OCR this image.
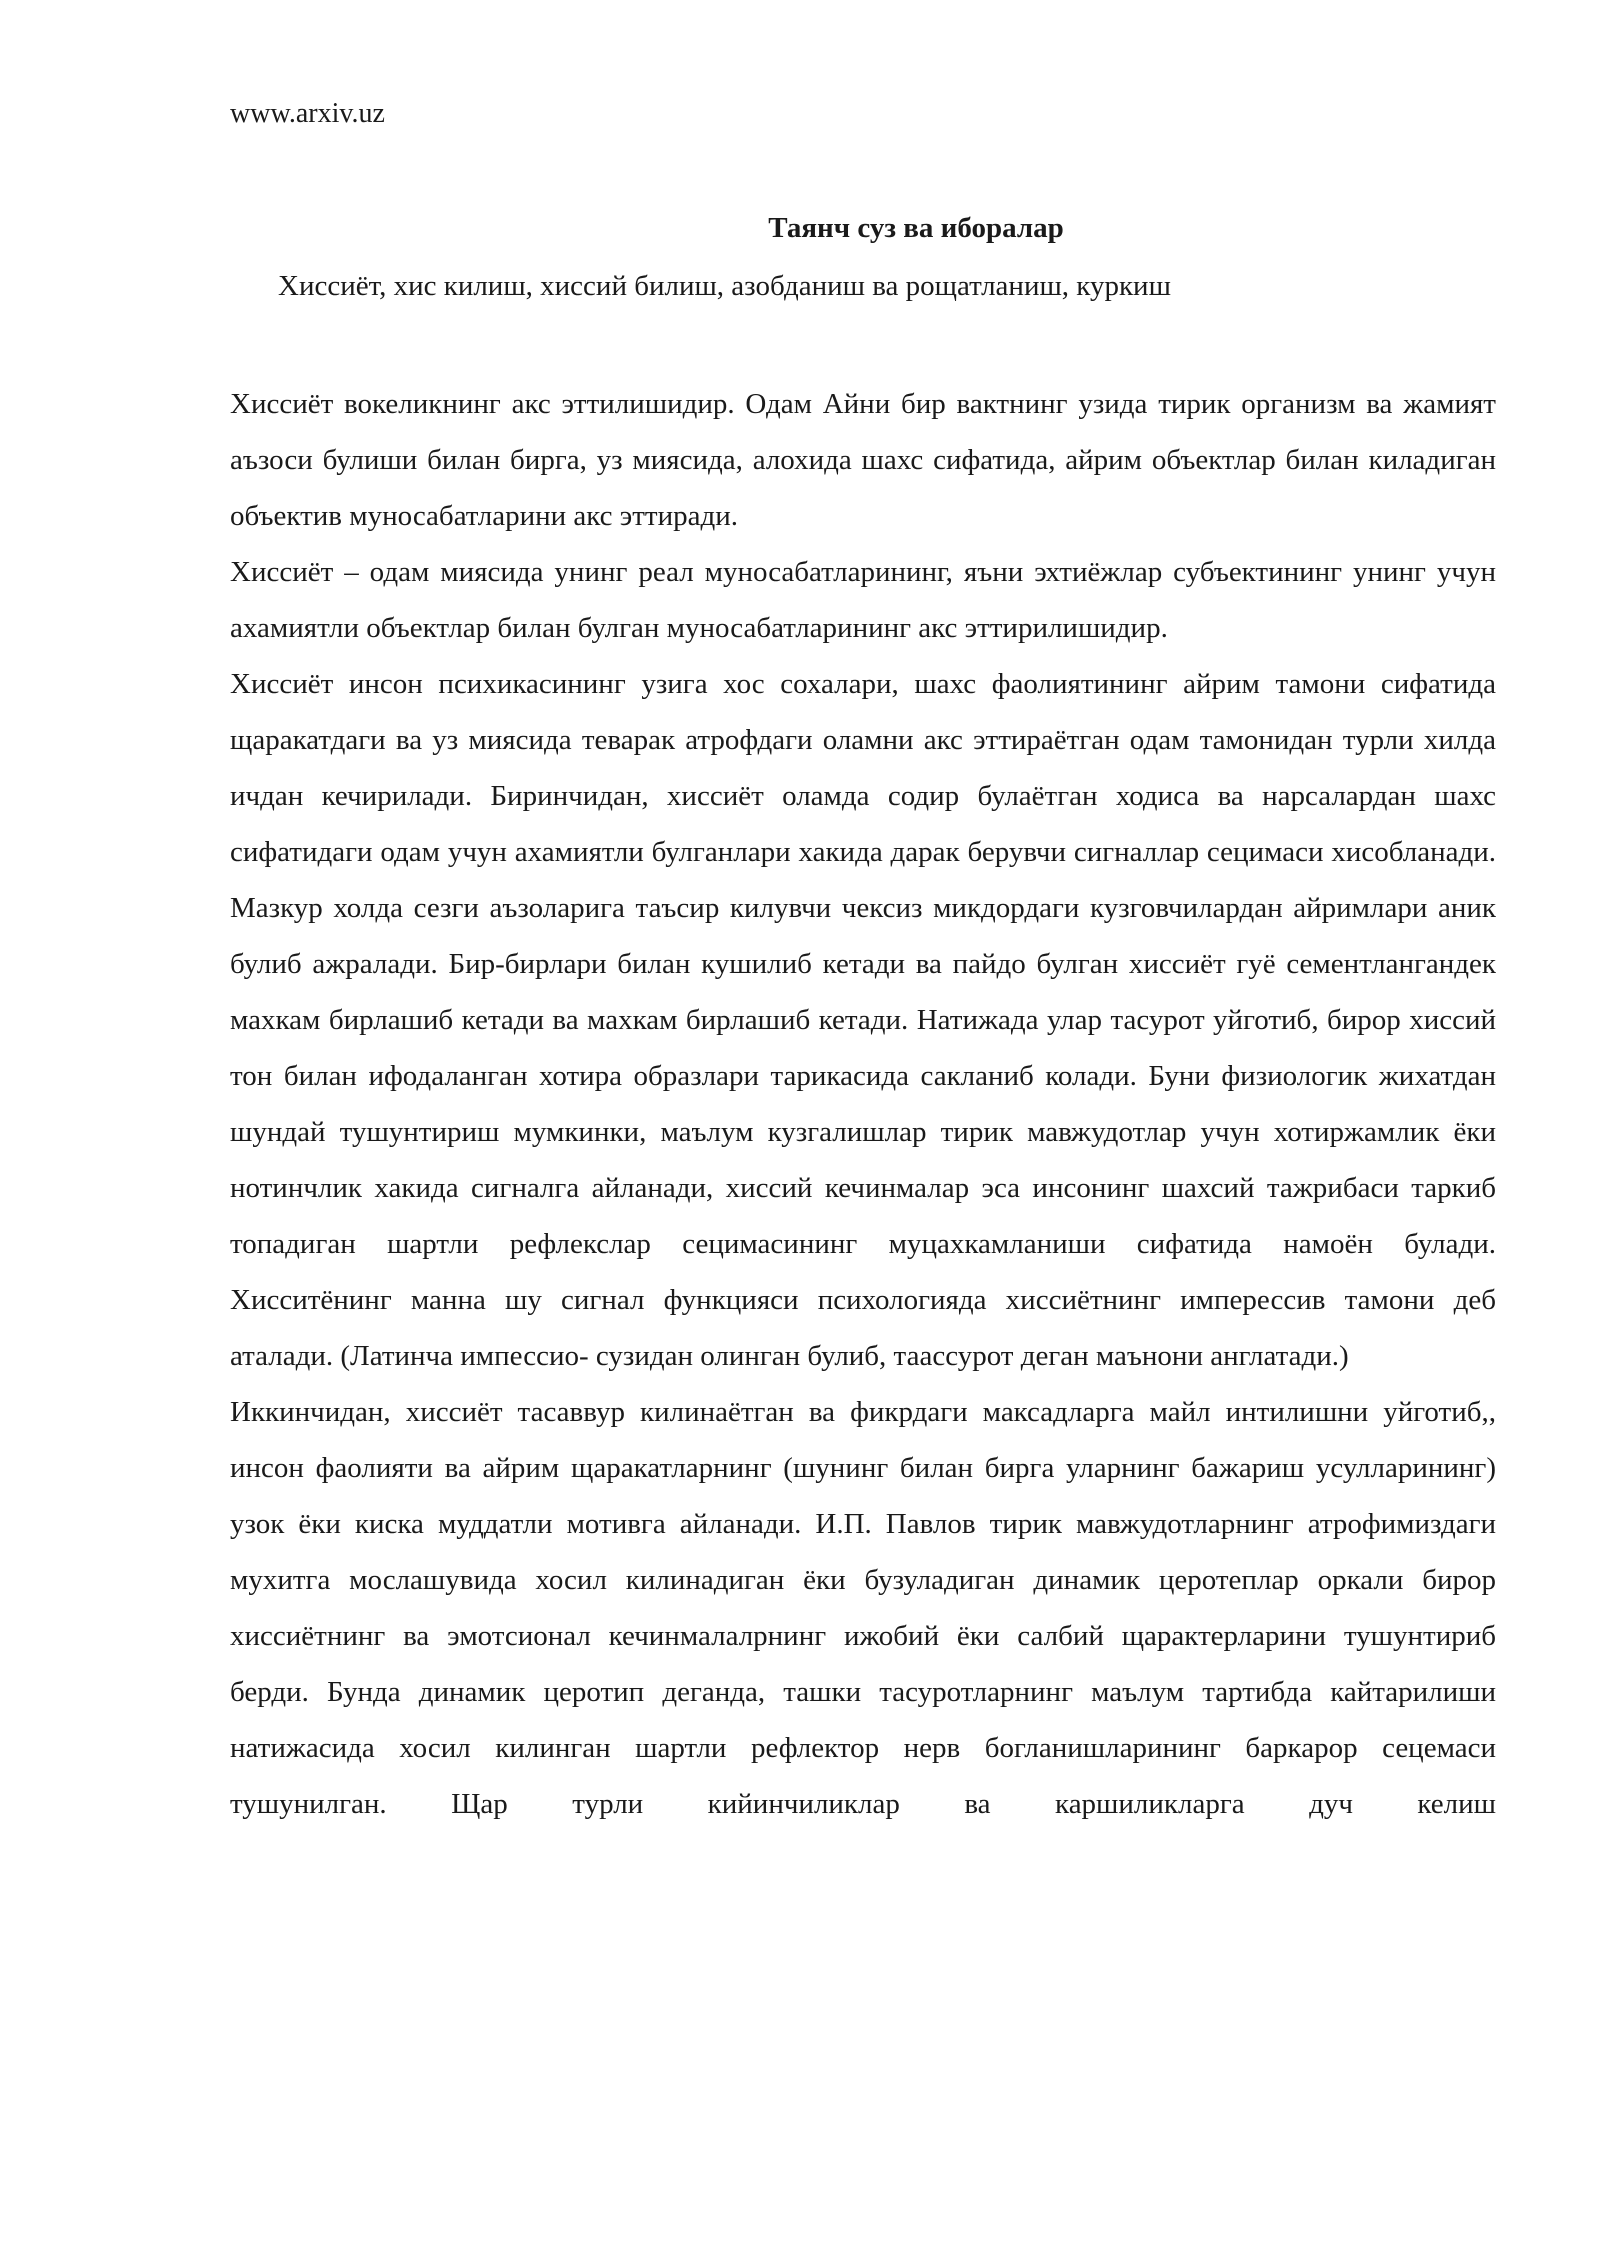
www.arxiv.uz
Таянч суз ва иборалар
Хиссиёт, хис килиш, хиссий билиш, азобданиш ва рощатланиш, куркиш

Хиссиёт вокеликнинг акс эттилишидир. Одам Айни бир вактнинг узида тирик организм ва жамият аъзоси булиши билан бирга, уз миясида, алохида шахс сифатида, айрим объектлар билан киладиган объектив муносабатларини акс эттиради.

Хиссиёт – одам миясида унинг реал муносабатларининг, яъни эхтиёжлар субъектининг унинг учун ахамиятли объектлар билан булган муносабатларининг акс эттирилишидир.

Хиссиёт инсон психикасининг узига хос сохалари, шахс фаолиятининг айрим тамони сифатида щаракатдаги ва уз миясида теварак атрофдаги оламни акс эттираётган одам тамонидан турли хилда ичдан кечирилади. Биринчидан, хиссиёт оламда содир булаётган ходиса ва нарсалардан шахс сифатидаги одам учун ахамиятли булганлари хакида дарак берувчи сигналлар сецимаси хисобланади. Мазкур холда сезги аъзоларига таъсир килувчи чексиз микдордаги кузговчилардан айримлари аник булиб ажралади. Бир-бирлари билан кушилиб кетади ва пайдо булган хиссиёт гуё сементлангандек махкам бирлашиб кетади ва махкам бирлашиб кетади. Натижада улар тасурот уйготиб, бирор хиссий тон билан ифодаланган хотира образлари тарикасида сакланиб колади. Буни физиологик жихатдан шундай тушунтириш мумкинки, маълум кузгалишлар тирик мавжудотлар учун хотиржамлик ёки нотинчлик хакида сигналга айланади, хиссий кечинмалар эса инсонинг шахсий тажрибаси таркиб топадиган шартли рефлекслар сецимасининг муцахкамланиши сифатида намоён булади. Хисситёнинг манна шу сигнал функцияси психологияда хиссиётнинг имперессив тамони деб аталади. (Латинча импессио- сузидан олинган булиб, таассурот деган маънони англатади.)

Иккинчидан, хиссиёт тасаввур килинаётган ва фикрдаги максадларга майл интилишни уйготиб,, инсон фаолияти ва айрим щаракатларнинг (шунинг билан бирга уларнинг бажариш усулларининг) узок ёки киска муддатли мотивга айланади. И.П. Павлов тирик мавжудотларнинг атрофимиздаги мухитга мослашувида хосил килинадиган ёки бузуладиган динамик церотеплар оркали бирор хиссиётнинг ва эмотсионал кечинмалалрнинг ижобий ёки салбий щарактерларини тушунтириб берди. Бунда динамик церотип деганда, ташки тасуротларнинг маълум тартибда кайтарилиши натижасида хосил килинган шартли рефлектор нерв богланишларининг баркарор сецемаси тушунилган. Щар турли кийинчиликлар ва каршиликларга дуч келиш
